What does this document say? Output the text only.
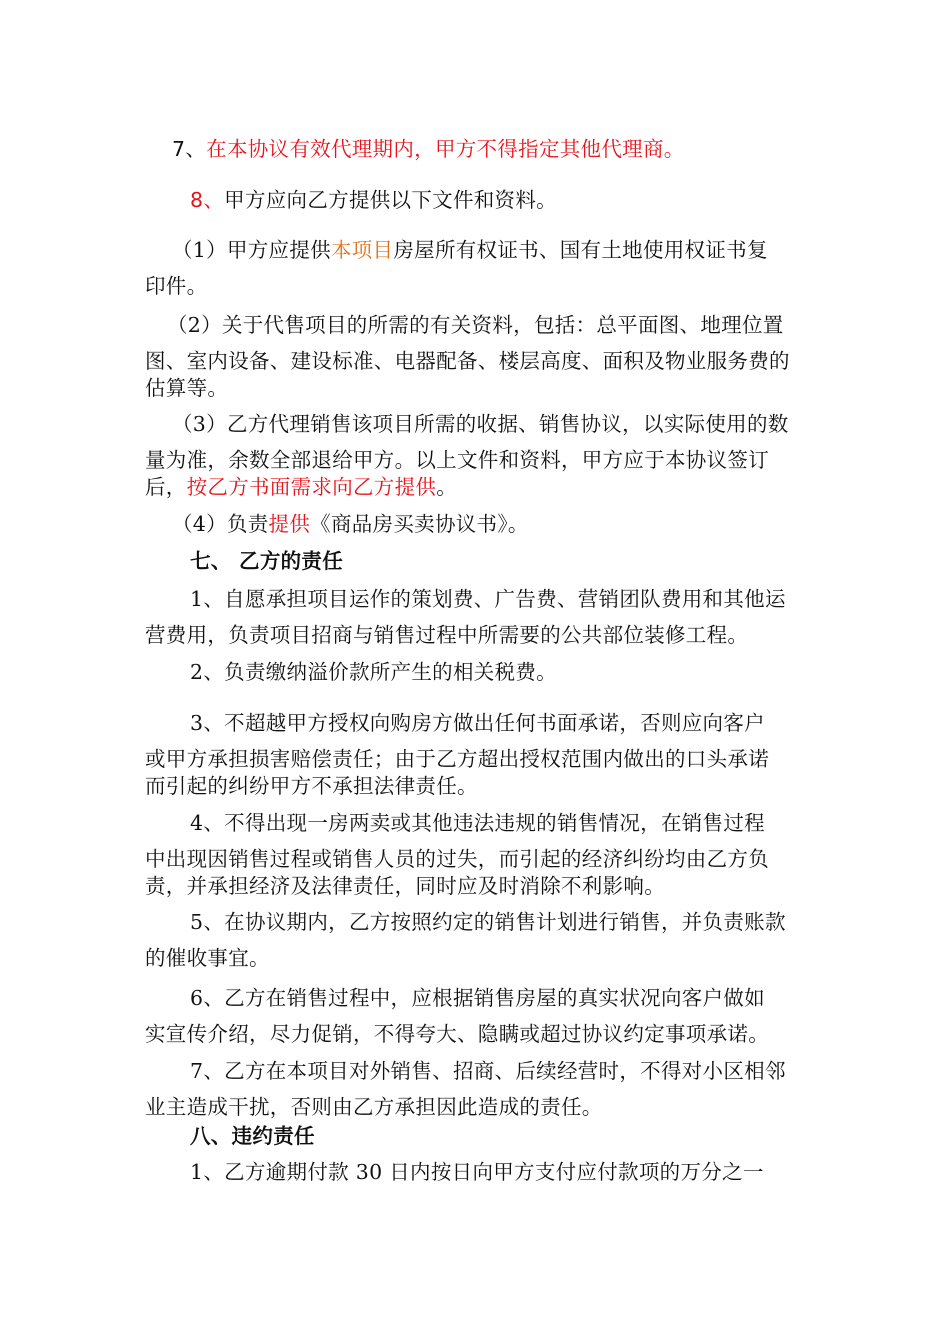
7、在本协议有效代理期内，甲方不得指定其他代理商。
8、甲方应向乙方提供以下文件和资料。
（1）甲方应提供本项目房屋所有权证书、国有土地使用权证书复
印件。
（2）关于代售项目的所需的有关资料，包括：总平面图、地理位置
图、室内设备、建设标准、电器配备、楼层高度、面积及物业服务费的
估算等。
（3）乙方代理销售该项目所需的收据、销售协议，以实际使用的数
量为准，余数全部退给甲方。以上文件和资料，甲方应于本协议签订
后，按乙方书面需求向乙方提供。
（4）负责提供《商品房买卖协议书》。
七、 乙方的责任
1、自愿承担项目运作的策划费、广告费、营销团队费用和其他运
营费用，负责项目招商与销售过程中所需要的公共部位装修工程。
2、负责缴纳溢价款所产生的相关税费。
3、不超越甲方授权向购房方做出任何书面承诺，否则应向客户
或甲方承担损害赔偿责任；由于乙方超出授权范围内做出的口头承诺
而引起的纠纷甲方不承担法律责任。
4、不得出现一房两卖或其他违法违规的销售情况，在销售过程
中出现因销售过程或销售人员的过失，而引起的经济纠纷均由乙方负
责，并承担经济及法律责任，同时应及时消除不利影响。
5、在协议期内，乙方按照约定的销售计划进行销售，并负责账款
的催收事宜。
6、乙方在销售过程中，应根据销售房屋的真实状况向客户做如
实宣传介绍，尽力促销，不得夸大、隐瞒或超过协议约定事项承诺。
7、乙方在本项目对外销售、招商、后续经营时，不得对小区相邻
业主造成干扰，否则由乙方承担因此造成的责任。
八、违约责任
1、乙方逾期付款 30 日内按日向甲方支付应付款项的万分之一
